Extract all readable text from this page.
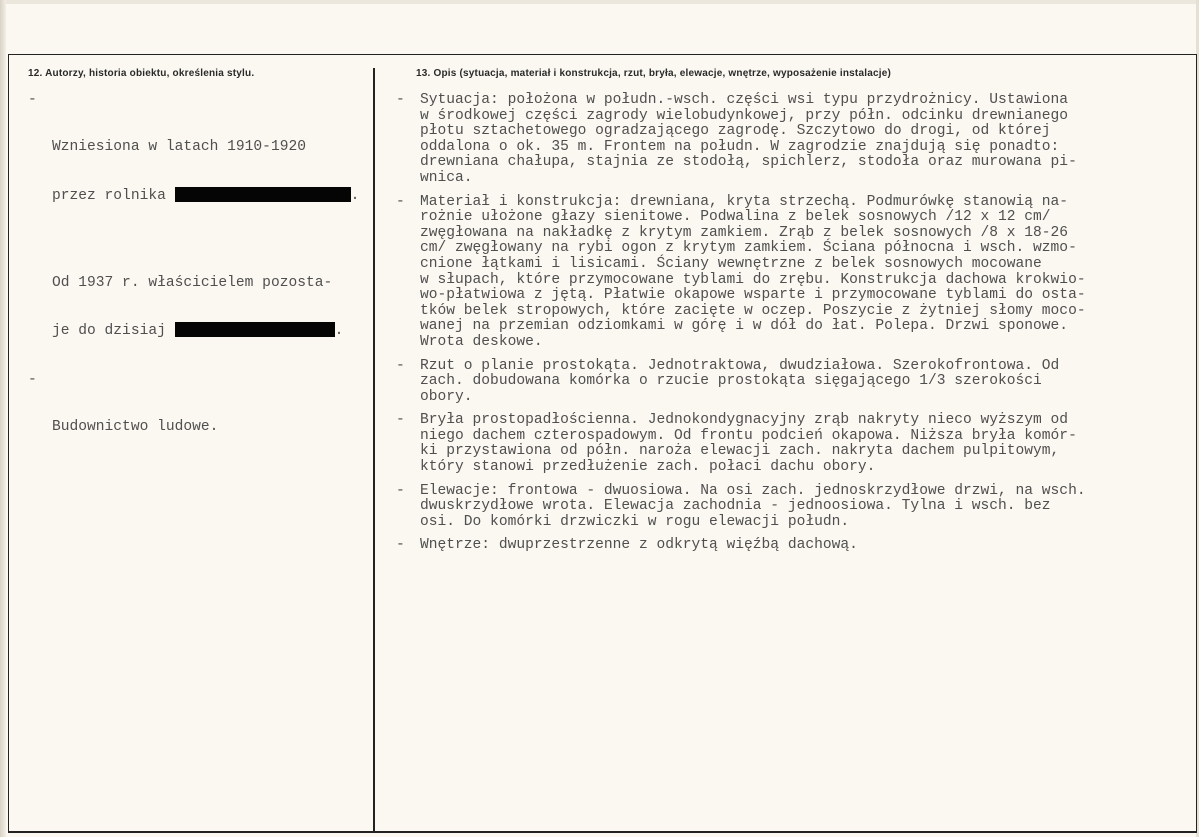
12. Autorzy, historia obiektu, określenia stylu.	13. Opis (sytuacja, materiał i konstrukcja, rzut, bryła, elewacje, wnętrze, wyposażenie instalacje)

-

Wzniesiona w latach 1910-1920

przez rolnika	.

Od 1937 r. właścicielem pozosta-

je do dzisiaj	.

-

Budownictwo ludowe.

- Sytuacja: położona w połudn.-wsch. części wsi typu przydrożnicy. Ustawiona
w środkowej części zagrody wielobudynkowej, przy półn. odcinku drewnianego
płotu sztachetowego ogradzającego zagrodę. Szczytowo do drogi, od której
oddalona o ok. 35 m. Frontem na połudn. W zagrodzie znajdują się ponadto:
drewniana chałupa, stajnia ze stodołą, spichlerz, stodoła oraz murowana pi-
wnica.
- Materiał i konstrukcja: drewniana, kryta strzechą. Podmurówkę stanowią na-
rożnie ułożone głazy sienitowe. Podwalina z belek sosnowych /12 x 12 cm/
zwęgłowana na nakładkę z krytym zamkiem. Zrąb z belek sosnowych /8 x 18-26
cm/ zwęgłowany na rybi ogon z krytym zamkiem. Ściana północna i wsch. wzmo-
cnione łątkami i lisicami. Ściany wewnętrzne z belek sosnowych mocowane
w słupach, które przymocowane tyblami do zrębu. Konstrukcja dachowa krokwio-
wo-płatwiowa z jętą. Płatwie okapowe wsparte i przymocowane tyblami do osta-
tków belek stropowych, które zacięte w oczep. Poszycie z żytniej słomy moco-
wanej na przemian odziomkami w górę i w dół do łat. Polepa. Drzwi sponowe.
Wrota deskowe.
- Rzut o planie prostokąta. Jednotraktowa, dwudziałowa. Szerokofrontowa. Od
zach. dobudowana komórka o rzucie prostokąta sięgającego 1/3 szerokości
obory.
- Bryła prostopadłościenna. Jednokondygnacyjny zrąb nakryty nieco wyższym od
niego dachem czterospadowym. Od frontu podcień okapowa. Niższa bryła komór-
ki przystawiona od półn. naroża elewacji zach. nakryta dachem pulpitowym,
który stanowi przedłużenie zach. połaci dachu obory.
- Elewacje: frontowa - dwuosiowa. Na osi zach. jednoskrzydłowe drzwi, na wsch.
dwuskrzydłowe wrota. Elewacja zachodnia - jednoosiowa. Tylna i wsch. bez
osi. Do komórki drzwiczki w rogu elewacji połudn.
- Wnętrze: dwuprzestrzenne z odkrytą więźbą dachową.
